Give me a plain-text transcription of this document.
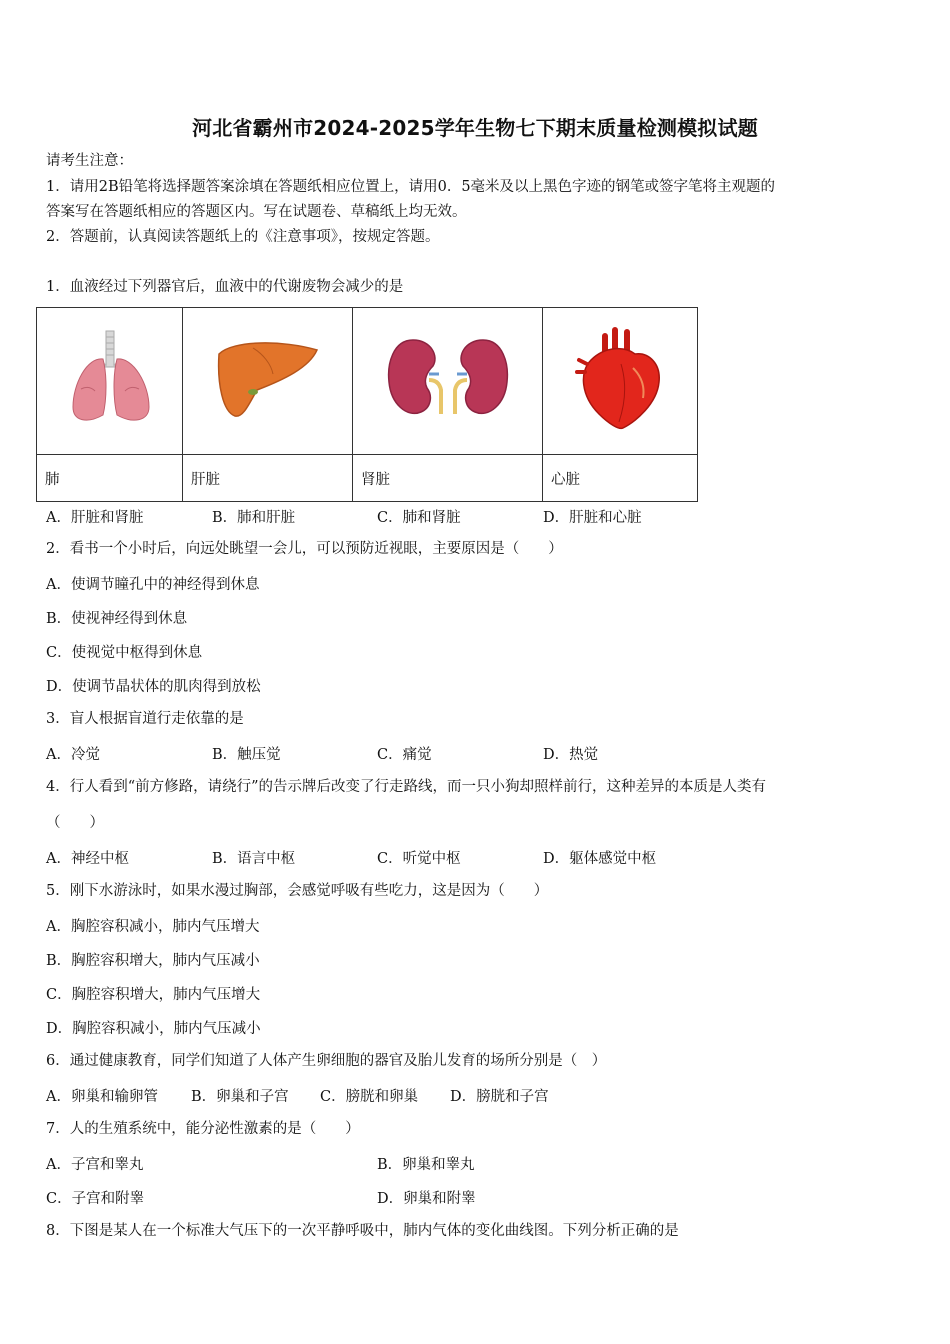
河北省霸州市2024-2025学年生物七下期末质量检测模拟试题
请考生注意：
1．请用2B铅笔将选择题答案涂填在答题纸相应位置上，请用0．5毫米及以上黑色字迹的钢笔或签字笔将主观题的
答案写在答题纸相应的答题区内。写在试题卷、草稿纸上均无效。
2．答题前，认真阅读答题纸上的《注意事项》，按规定答题。
1．血液经过下列器官后，血液中的代谢废物会减少的是

肺	肝脏	肾脏	心脏
A．肝脏和肾脏	B．肺和肝脏	C．肺和肾脏	D．肝脏和心脏
2．看书一个小时后，向远处眺望一会儿，可以预防近视眼，主要原因是（　　）
A．使调节瞳孔中的神经得到休息
B．使视神经得到休息
C．使视觉中枢得到休息
D．使调节晶状体的肌肉得到放松
3．盲人根据盲道行走依靠的是
A．冷觉	B．触压觉	C．痛觉	D．热觉
4．行人看到“前方修路，请绕行”的告示牌后改变了行走路线，而一只小狗却照样前行，这种差异的本质是人类有
（　　）
A．神经中枢	B．语言中枢	C．听觉中枢	D．躯体感觉中枢
5．刚下水游泳时，如果水漫过胸部，会感觉呼吸有些吃力，这是因为（　　）
A．胸腔容积减小，肺内气压增大
B．胸腔容积增大，肺内气压减小
C．胸腔容积增大，肺内气压增大
D．胸腔容积减小，肺内气压减小
6．通过健康教育，同学们知道了人体产生卵细胞的器官及胎儿发育的场所分别是（　）
A．卵巢和输卵管 B．卵巢和子宫 C．膀胱和卵巢 D．膀胱和子宫
7．人的生殖系统中，能分泌性激素的是（　　）
A．子宫和睾丸	B．卵巢和睾丸
C．子宫和附睾	D．卵巢和附睾
8．下图是某人在一个标准大气压下的一次平静呼吸中，肺内气体的变化曲线图。下列分析正确的是
